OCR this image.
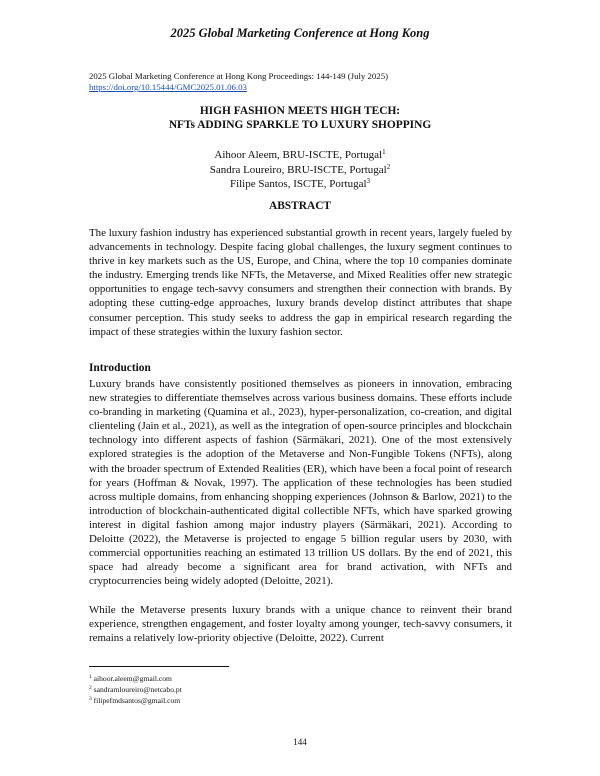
2025 Global Marketing Conference at Hong Kong
2025 Global Marketing Conference at Hong Kong Proceedings: 144-149 (July 2025)
https://doi.org/10.15444/GMC2025.01.06.03
HIGH FASHION MEETS HIGH TECH:
NFTs ADDING SPARKLE TO LUXURY SHOPPING
Aihoor Aleem, BRU-ISCTE, Portugal$^1$
Sandra Loureiro, BRU-ISCTE, Portugal$^2$
Filipe Santos, ISCTE, Portugal$^3$
ABSTRACT
The luxury fashion industry has experienced substantial growth in recent years, largely fueled by advancements in technology. Despite facing global challenges, the luxury segment continues to thrive in key markets such as the US, Europe, and China, where the top 10 companies dominate the industry. Emerging trends like NFTs, the Metaverse, and Mixed Realities offer new strategic opportunities to engage tech-savvy consumers and strengthen their connection with brands. By adopting these cutting-edge approaches, luxury brands develop distinct attributes that shape consumer perception. This study seeks to address the gap in empirical research regarding the impact of these strategies within the luxury fashion sector.
Introduction
Luxury brands have consistently positioned themselves as pioneers in innovation, embracing new strategies to differentiate themselves across various business domains. These efforts include co-branding in marketing (Quamina et al., 2023), hyper-personalization, co-creation, and digital clienteling (Jain et al., 2021), as well as the integration of open-source principles and blockchain technology into different aspects of fashion (Särmäkari, 2021). One of the most extensively explored strategies is the adoption of the Metaverse and Non-Fungible Tokens (NFTs), along with the broader spectrum of Extended Realities (ER), which have been a focal point of research for years (Hoffman & Novak, 1997). The application of these technologies has been studied across multiple domains, from enhancing shopping experiences (Johnson & Barlow, 2021) to the introduction of blockchain-authenticated digital collectible NFTs, which have sparked growing interest in digital fashion among major industry players (Särmäkari, 2021). According to Deloitte (2022), the Metaverse is projected to engage 5 billion regular users by 2030, with commercial opportunities reaching an estimated 13 trillion US dollars. By the end of 2021, this space had already become a significant area for brand activation, with NFTs and cryptocurrencies being widely adopted (Deloitte, 2021).
While the Metaverse presents luxury brands with a unique chance to reinvent their brand experience, strengthen engagement, and foster loyalty among younger, tech-savvy consumers, it remains a relatively low-priority objective (Deloitte, 2022). Current
$^1$ aihoor.aleem@gmail.com
$^2$ sandramloureiro@netcabo.pt
$^3$ filipefmdsantos@gmail.com
144
